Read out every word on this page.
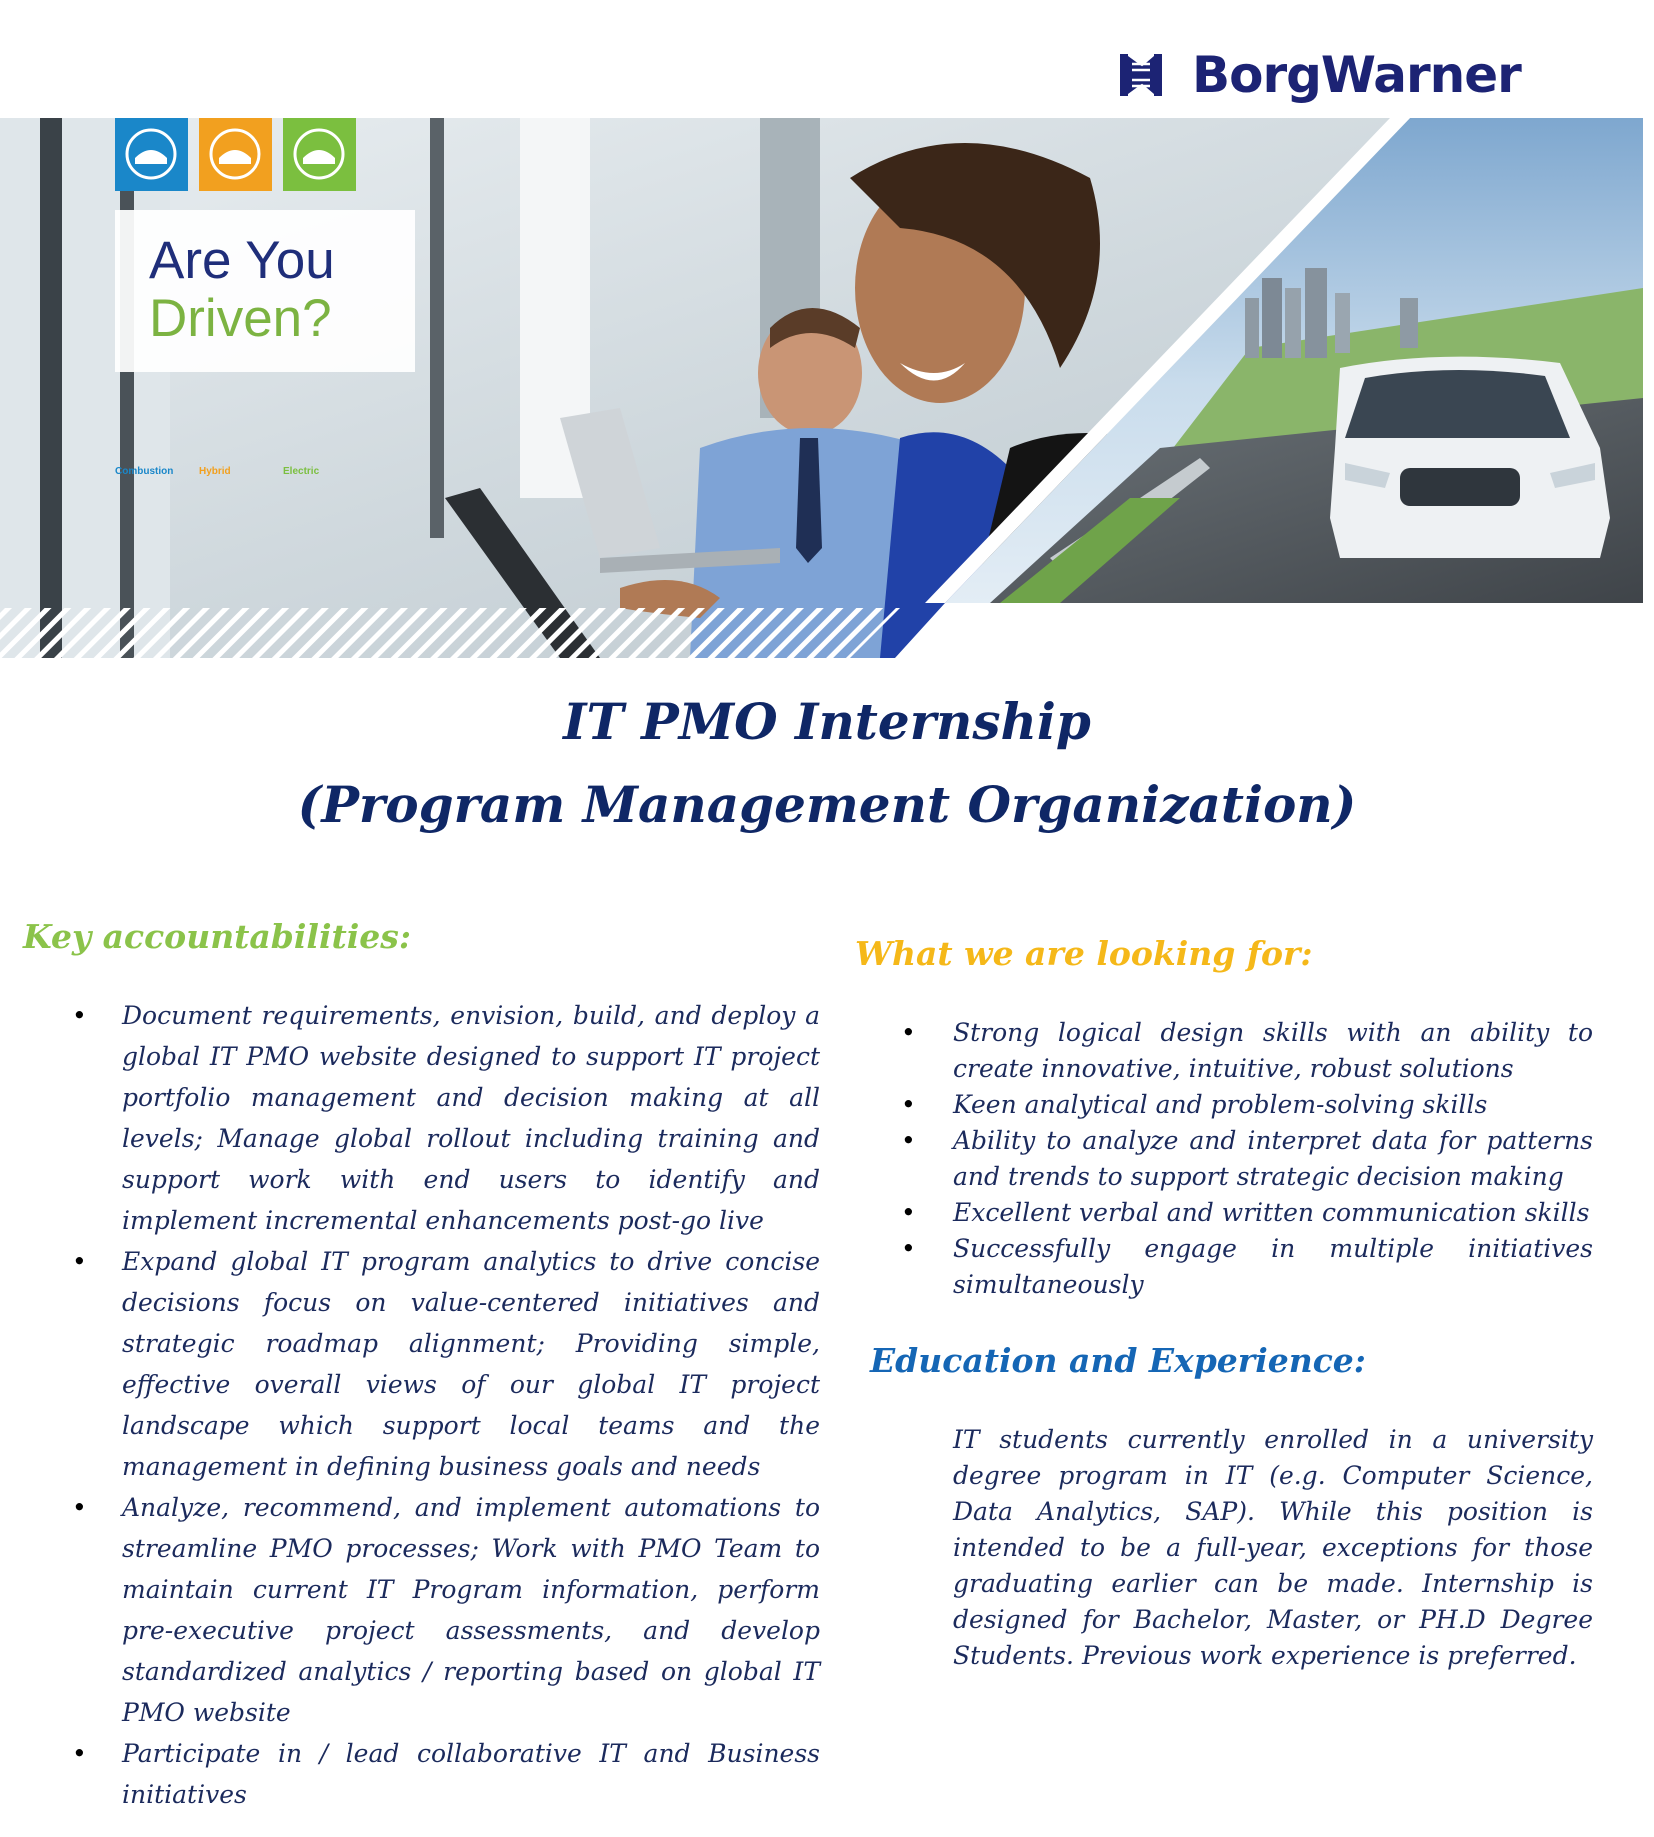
BorgWarner
Are You
Driven?
Combustion	Hybrid	Electric
IT PMO Internship
(Program Management Organization)
Key accountabilities:
• Document requirements, envision, build, and deploy a global IT PMO website designed to support IT project portfolio management and decision making at all levels; Manage global rollout including training and support work with end users to identify and implement incremental enhancements post-go live
• Expand global IT program analytics to drive concise decisions focus on value-centered initiatives and strategic roadmap alignment; Providing simple, effective overall views of our global IT project landscape which support local teams and the management in defining business goals and needs
• Analyze, recommend, and implement automations to streamline PMO processes; Work with PMO Team to maintain current IT Program information, perform pre-executive project assessments, and develop standardized analytics / reporting based on global IT PMO website
• Participate in / lead collaborative IT and Business initiatives
What we are looking for:
• Strong logical design skills with an ability to create innovative, intuitive, robust solutions
• Keen analytical and problem-solving skills
• Ability to analyze and interpret data for patterns and trends to support strategic decision making
• Excellent verbal and written communication skills
• Successfully engage in multiple initiatives simultaneously
Education and Experience:

IT students currently enrolled in a university degree program in IT (e.g. Computer Science, Data Analytics, SAP). While this position is intended to be a full-year, exceptions for those graduating earlier can be made. Internship is designed for Bachelor, Master, or PH.D Degree Students. Previous work experience is preferred.
